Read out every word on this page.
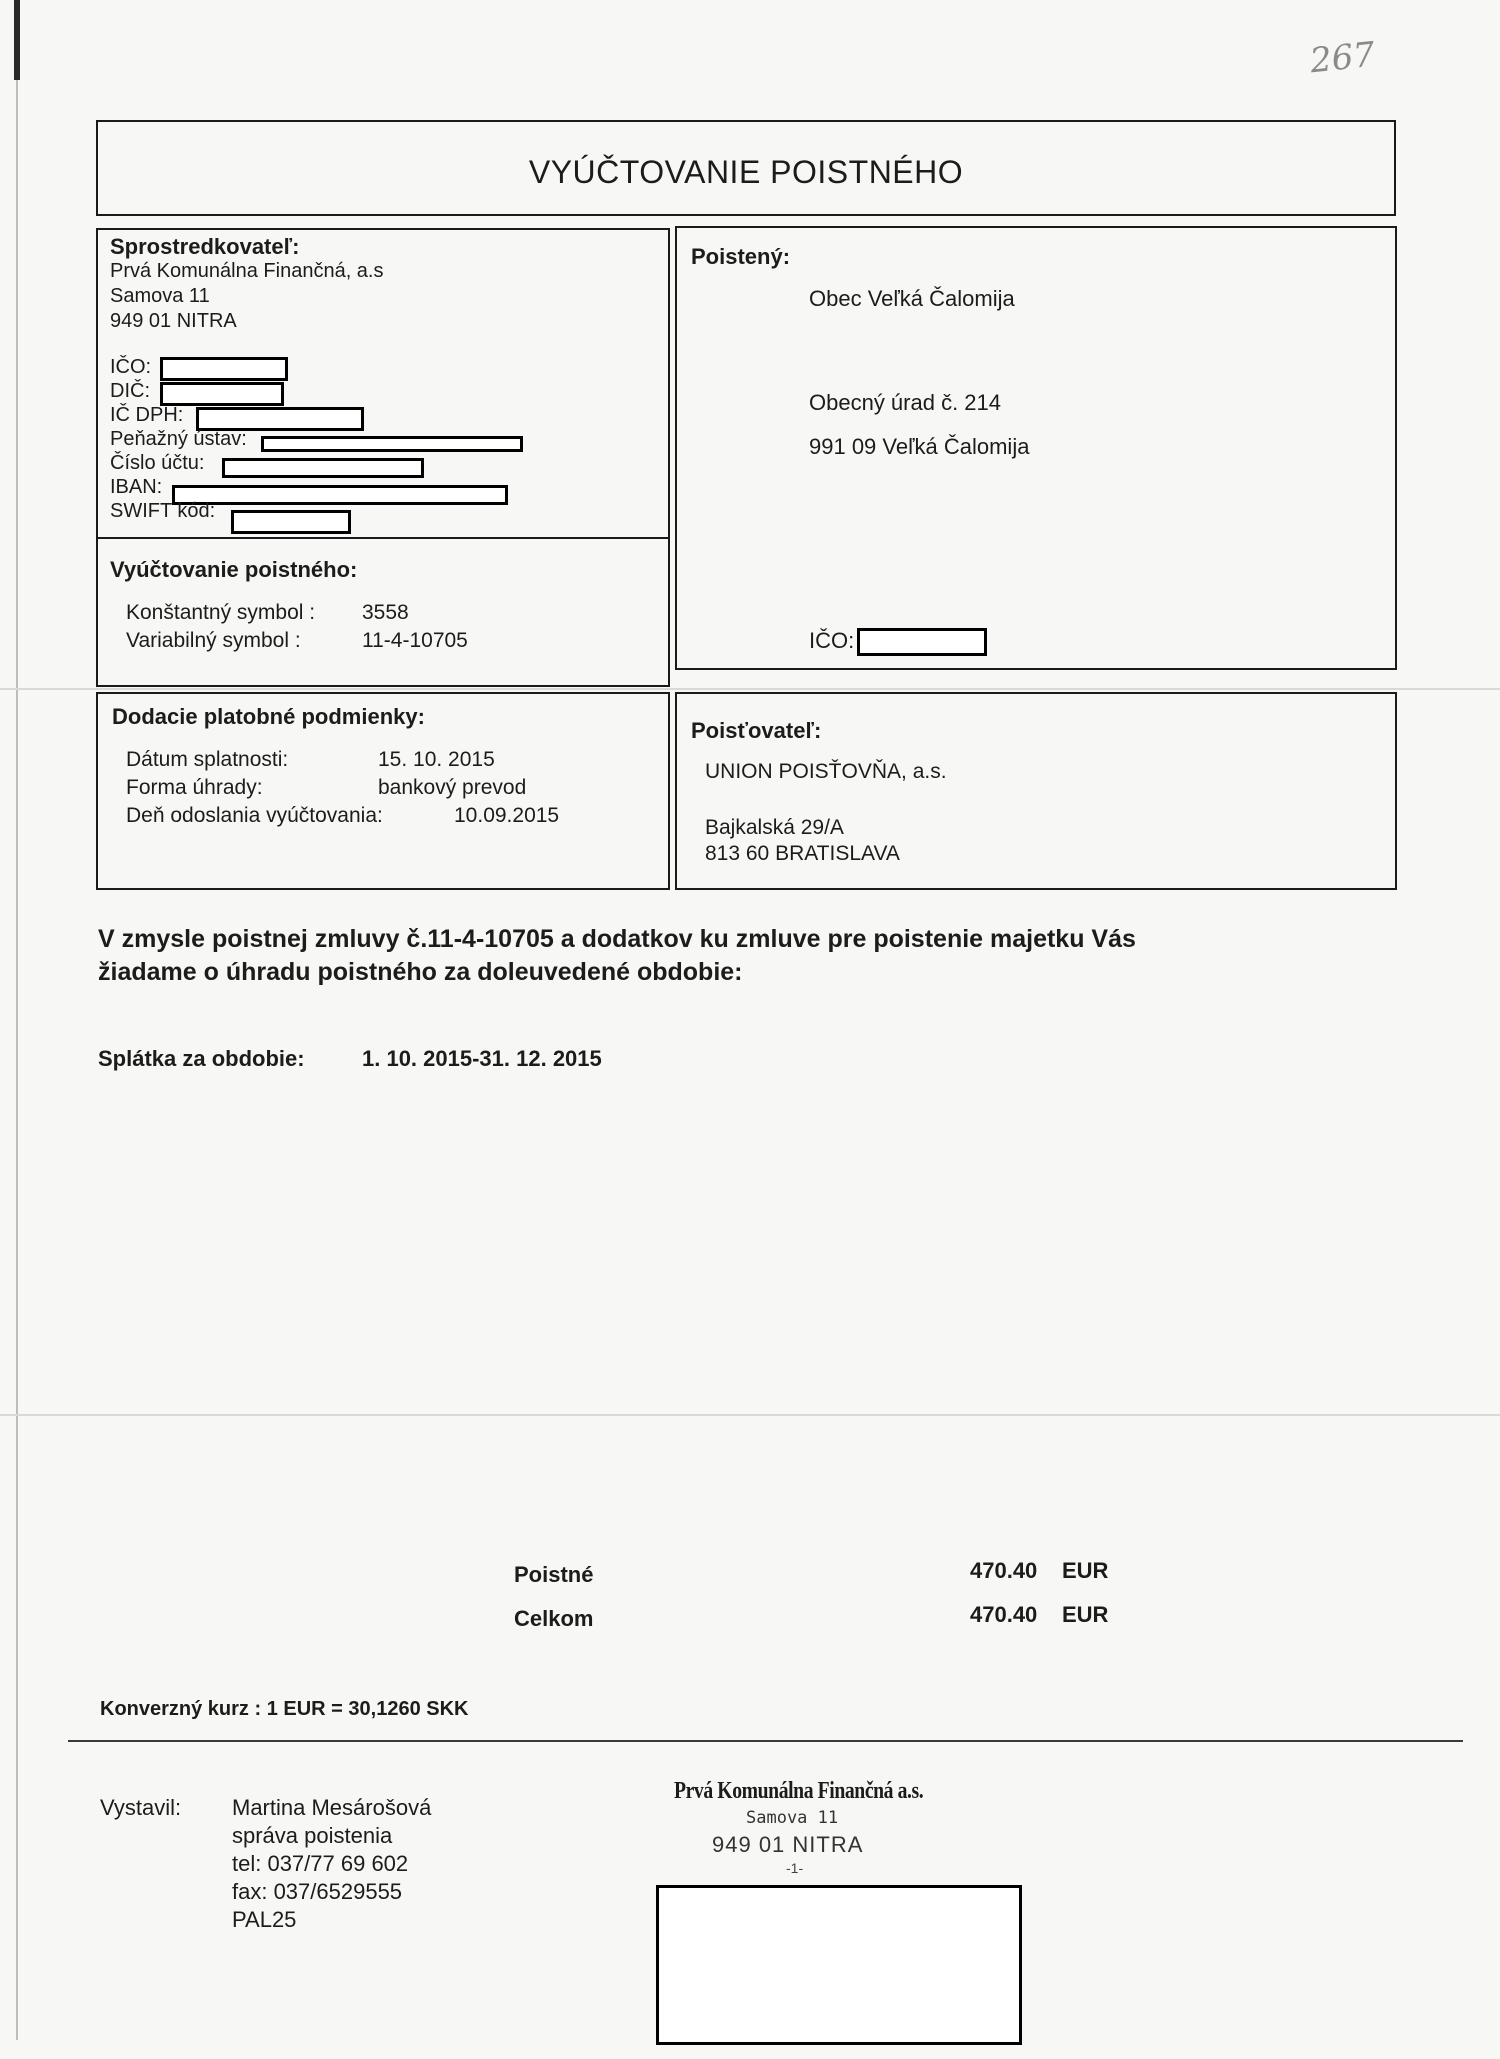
267
VYÚČTOVANIE POISTNÉHO
Sprostredkovateľ:
Prvá Komunálna Finančná, a.s
Samova 11
949 01 NITRA
IČO:
DIČ:
IČ DPH:
Peňažný ústav:
Číslo účtu:
IBAN:
SWIFT kód:
Vyúčtovanie poistného:
Konštantný symbol : 3558
Variabilný symbol :	11-4-10705
Poistený:
Obec Veľká Čalomija
Obecný úrad č. 214
991 09 Veľká Čalomija
IČO:
Dodacie platobné podmienky:
Dátum splatnosti:	15. 10. 2015
Forma úhrady:	bankový prevod
Deň odoslania vyúčtovania:	10.09.2015
Poisťovateľ:
UNION POISŤOVŇA, a.s.
Bajkalská 29/A
813 60 BRATISLAVA
V zmysle poistnej zmluvy č.11-4-10705 a dodatkov ku zmluve pre poistenie majetku Vás
žiadame o úhradu poistného za doleuvedené obdobie:
Splátka za obdobie:	1. 10. 2015-31. 12. 2015
Poistné	470.40 EUR
Celkom	470.40 EUR
Konverzný kurz : 1 EUR = 30,1260 SKK
Vystavil: Martina Mesárošová
správa poistenia
tel: 037/77 69 602
fax: 037/6529555
PAL25
Prvá Komunálna Finančná a.s.
Samova 11
949 01 NITRA
-1-
